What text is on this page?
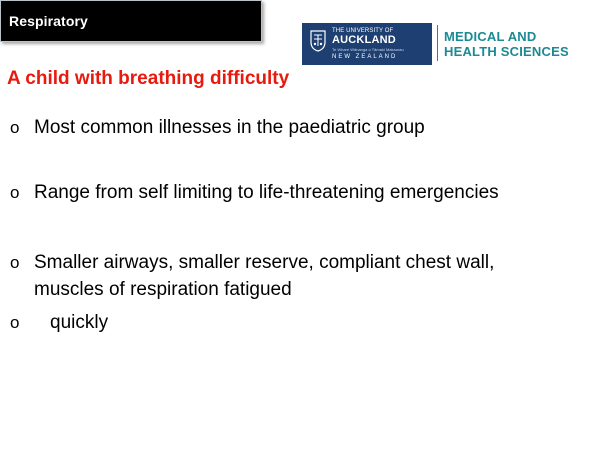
Respiratory
THE UNIVERSITY OF
AUCKLAND
Te Whare Wānanga o Tāmaki Makaurau
NEW ZEALAND
MEDICAL AND
HEALTH SCIENCES
A child with breathing difficulty
o Most common illnesses in the paediatric group
o Range from self limiting to life-threatening emergencies
o Smaller airways, smaller reserve, compliant chest wall,
muscles of respiration fatigued
o quickly
